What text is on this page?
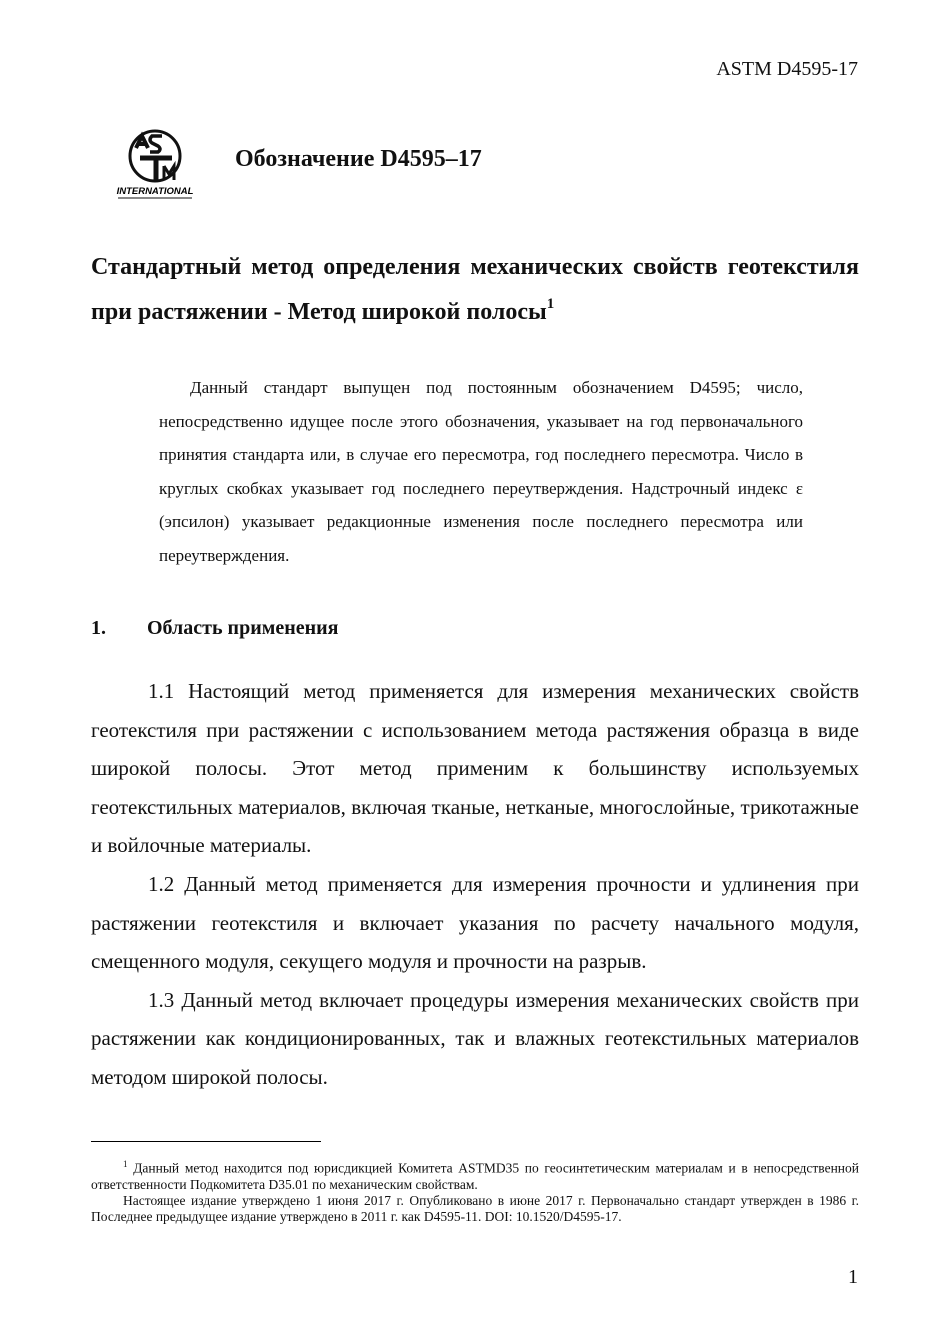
ASTM D4595-17
INTERNATIONAL
Обозначение D4595–17
Стандартный метод определения механических свойств геотекстиля при растяжении - Метод широкой полосы$^1$

Данный стандарт выпущен под постоянным обозначением D4595; число, непосредственно идущее после этого обозначения, указывает на год первоначального принятия стандарта или, в случае его пересмотра, год последнего пересмотра. Число в круглых скобках указывает год последнего переутверждения. Надстрочный индекс ε (эпсилон) указывает редакционные изменения после последнего пересмотра или переутверждения.

1. Область применения

1.1 Настоящий метод применяется для измерения механических свойств геотекстиля при растяжении с использованием метода растяжения образца в виде широкой полосы. Этот метод применим к большинству используемых геотекстильных материалов, включая тканые, нетканые, многослойные, трикотажные и войлочные материалы.

1.2 Данный метод применяется для измерения прочности и удлинения при растяжении геотекстиля и включает указания по расчету начального модуля, смещенного модуля, секущего модуля и прочности на разрыв.

1.3 Данный метод включает процедуры измерения механических свойств при растяжении как кондиционированных, так и влажных геотекстильных материалов методом широкой полосы.

$^1$ Данный метод находится под юрисдикцией Комитета ASTMD35 по геосинтетическим материалам и в непосредственной ответственности Подкомитета D35.01 по механическим свойствам.

Настоящее издание утверждено 1 июня 2017 г. Опубликовано в июне 2017 г. Первоначально стандарт утвержден в 1986 г. Последнее предыдущее издание утверждено в 2011 г. как D4595-11. DOI: 10.1520/D4595-17.

1
